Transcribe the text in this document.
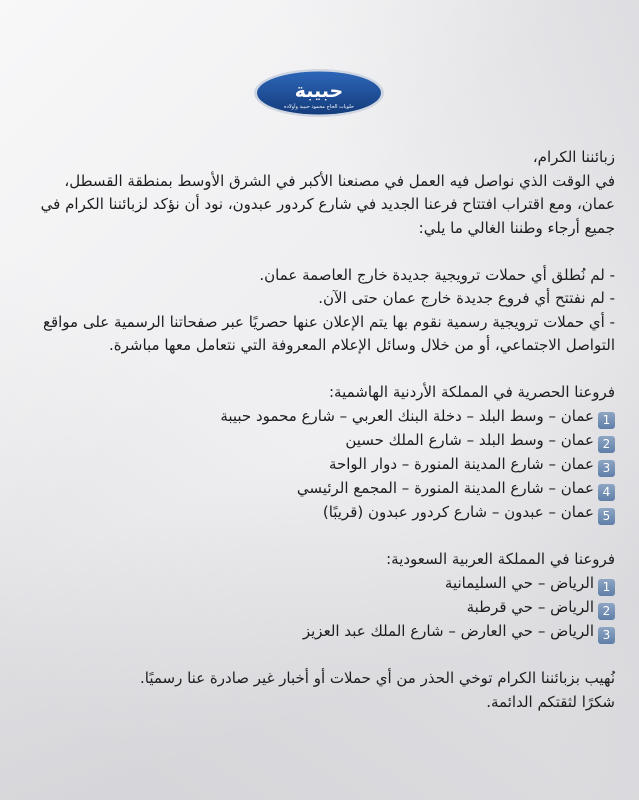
حبيبة
حلويات الحاج محمود حبيبة وأولاده

زبائننا الكرام،

في الوقت الذي نواصل فيه العمل في مصنعنا الأكبر في الشرق الأوسط بمنطقة القسطل، عمان، ومع اقتراب افتتاح فرعنا الجديد في شارع كردور عبدون، نود أن نؤكد لزبائننا الكرام في جميع أرجاء وطننا الغالي ما يلي:

- لم نُطلق أي حملات ترويجية جديدة خارج العاصمة عمان.

- لم نفتتح أي فروع جديدة خارج عمان حتى الآن.

- أي حملات ترويجية رسمية نقوم بها يتم الإعلان عنها حصريًا عبر صفحاتنا الرسمية على مواقع التواصل الاجتماعي، أو من خلال وسائل الإعلام المعروفة التي نتعامل معها مباشرة.

فروعنا الحصرية في المملكة الأردنية الهاشمية:

1عمان – وسط البلد – دخلة البنك العربي – شارع محمود حبيبة

2عمان – وسط البلد – شارع الملك حسين

3عمان – شارع المدينة المنورة – دوار الواحة

4عمان – شارع المدينة المنورة – المجمع الرئيسي

5عمان – عبدون – شارع كردور عبدون (قريبًا)

فروعنا في المملكة العربية السعودية:

1الرياض – حي السليمانية

2الرياض – حي قرطبة

3الرياض – حي العارض – شارع الملك عبد العزيز

نُهيب بزبائننا الكرام توخي الحذر من أي حملات أو أخبار غير صادرة عنا رسميًا.

شكرًا لثقتكم الدائمة.
